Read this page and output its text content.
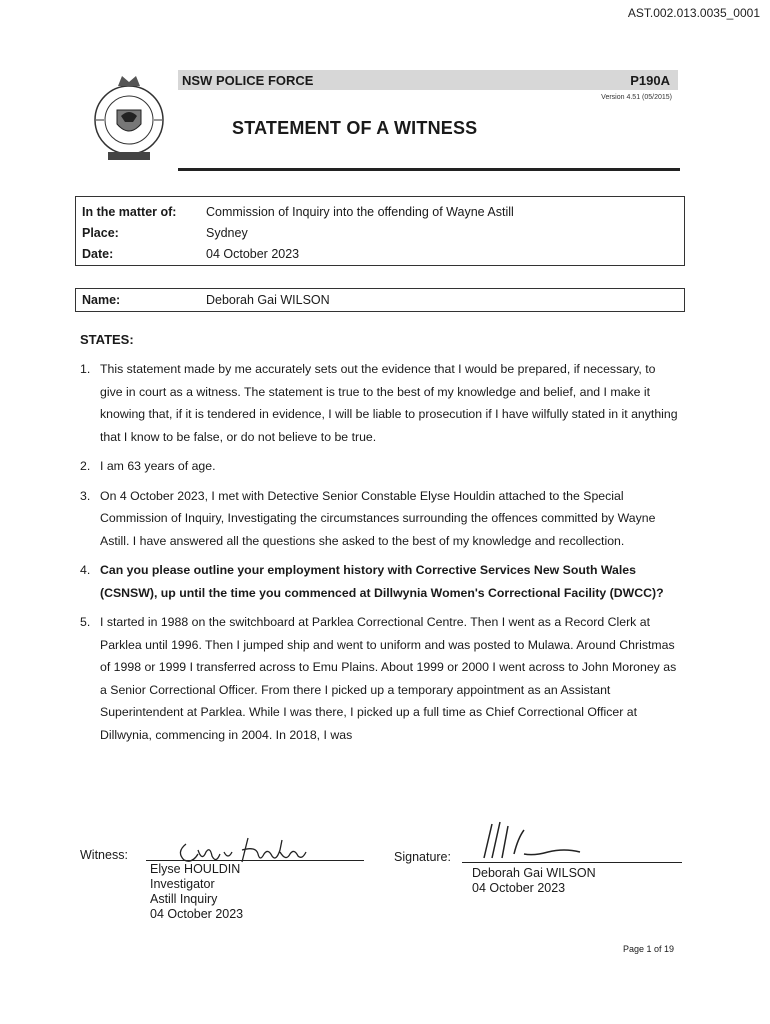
AST.002.013.0035_0001
NSW POLICE FORCE	P190A
Version 4.51 (05/2015)
STATEMENT OF A WITNESS
In the matter of:	Commission of Inquiry into the offending of Wayne Astill
Place:	Sydney
Date:	04 October 2023
Name:	Deborah Gai WILSON
STATES:
1. This statement made by me accurately sets out the evidence that I would be prepared, if necessary, to give in court as a witness. The statement is true to the best of my knowledge and belief, and I make it knowing that, if it is tendered in evidence, I will be liable to prosecution if I have wilfully stated in it anything that I know to be false, or do not believe to be true.
2. I am 63 years of age.
3. On 4 October 2023, I met with Detective Senior Constable Elyse Houldin attached to the Special Commission of Inquiry, Investigating the circumstances surrounding the offences committed by Wayne Astill. I have answered all the questions she asked to the best of my knowledge and recollection.
4. Can you please outline your employment history with Corrective Services New South Wales (CSNSW), up until the time you commenced at Dillwynia Women's Correctional Facility (DWCC)?
5. I started in 1988 on the switchboard at Parklea Correctional Centre. Then I went as a Record Clerk at Parklea until 1996. Then I jumped ship and went to uniform and was posted to Mulawa. Around Christmas of 1998 or 1999 I transferred across to Emu Plains. About 1999 or 2000 I went across to John Moroney as a Senior Correctional Officer. From there I picked up a temporary appointment as an Assistant Superintendent at Parklea. While I was there, I picked up a full time as Chief Correctional Officer at Dillwynia, commencing in 2004. In 2018, I was
Witness:
Elyse HOULDIN
Investigator
Astill Inquiry
04 October 2023
Signature:
Deborah Gai WILSON
04 October 2023
Page 1 of 19
